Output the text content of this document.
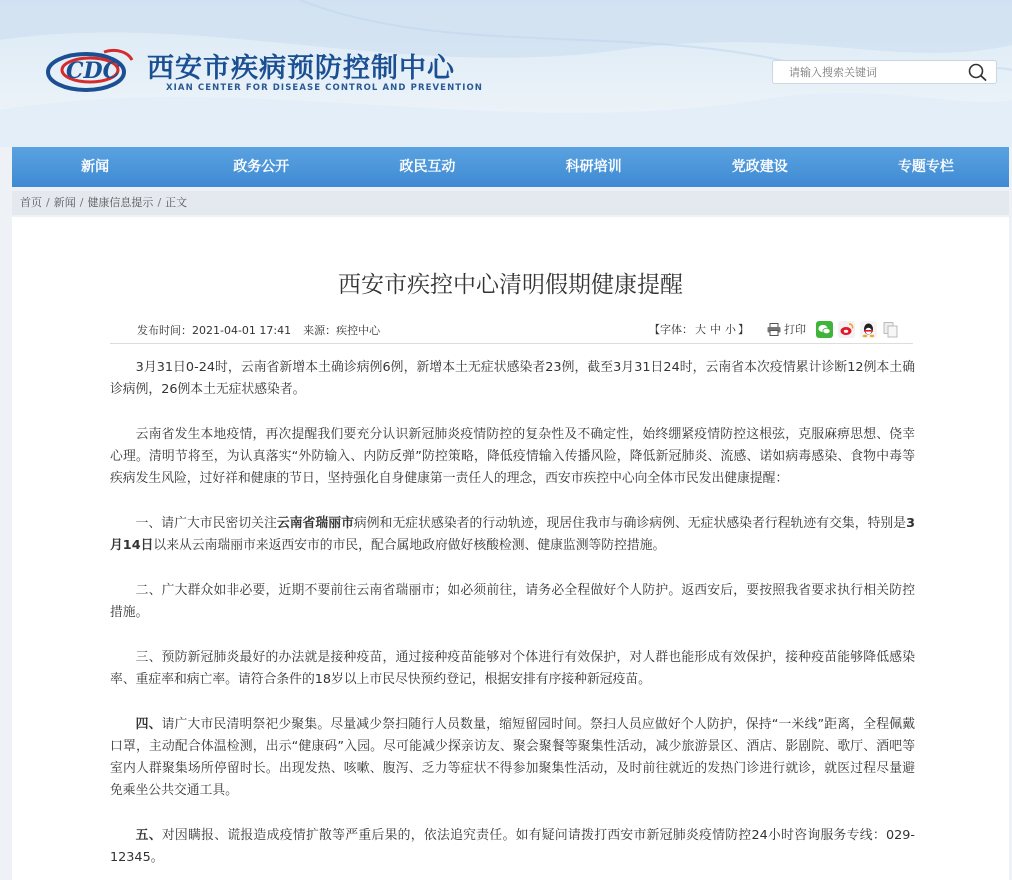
CDC 西安市疾病预防控制中心
XIAN CENTER FOR DISEASE CONTROL AND PREVENTION
请输入搜索关键词
新闻	政务公开	政民互动	科研培训	党政建设	专题专栏
首页 / 新闻 / 健康信息提示 / 正文
西安市疾控中心清明假期健康提醒
发布时间：2021-04-01 17:41 来源：疾控中心	【字体： 大 中 小 】	打印

3月31日0-24时，云南省新增本土确诊病例6例，新增本土无症状感染者23例，截至3月31日24时，云南省本次疫情累计诊断12例本土确诊病例，26例本土无症状感染者。

云南省发生本地疫情，再次提醒我们要充分认识新冠肺炎疫情防控的复杂性及不确定性，始终绷紧疫情防控这根弦，克服麻痹思想、侥幸心理。清明节将至，为认真落实“外防输入、内防反弹”防控策略，降低疫情输入传播风险，降低新冠肺炎、流感、诺如病毒感染、食物中毒等疾病发生风险，过好祥和健康的节日，坚持强化自身健康第一责任人的理念，西安市疾控中心向全体市民发出健康提醒：

一、请广大市民密切关注云南省瑞丽市病例和无症状感染者的行动轨迹，现居住我市与确诊病例、无症状感染者行程轨迹有交集，特别是3月14日以来从云南瑞丽市来返西安市的市民，配合属地政府做好核酸检测、健康监测等防控措施。

二、广大群众如非必要，近期不要前往云南省瑞丽市；如必须前往，请务必全程做好个人防护。返西安后，要按照我省要求执行相关防控措施。

三、预防新冠肺炎最好的办法就是接种疫苗，通过接种疫苗能够对个体进行有效保护，对人群也能形成有效保护，接种疫苗能够降低感染率、重症率和病亡率。请符合条件的18岁以上市民尽快预约登记，根据安排有序接种新冠疫苗。

四、请广大市民清明祭祀少聚集。尽量减少祭扫随行人员数量，缩短留园时间。祭扫人员应做好个人防护，保持“一米线”距离，全程佩戴口罩，主动配合体温检测，出示“健康码”入园。尽可能减少探亲访友、聚会聚餐等聚集性活动，减少旅游景区、酒店、影剧院、歌厅、酒吧等室内人群聚集场所停留时长。出现发热、咳嗽、腹泻、乏力等症状不得参加聚集性活动，及时前往就近的发热门诊进行就诊，就医过程尽量避免乘坐公共交通工具。

五、对因瞒报、谎报造成疫情扩散等严重后果的，依法追究责任。如有疑问请拨打西安市新冠肺炎疫情防控24小时咨询服务专线：029-12345。
